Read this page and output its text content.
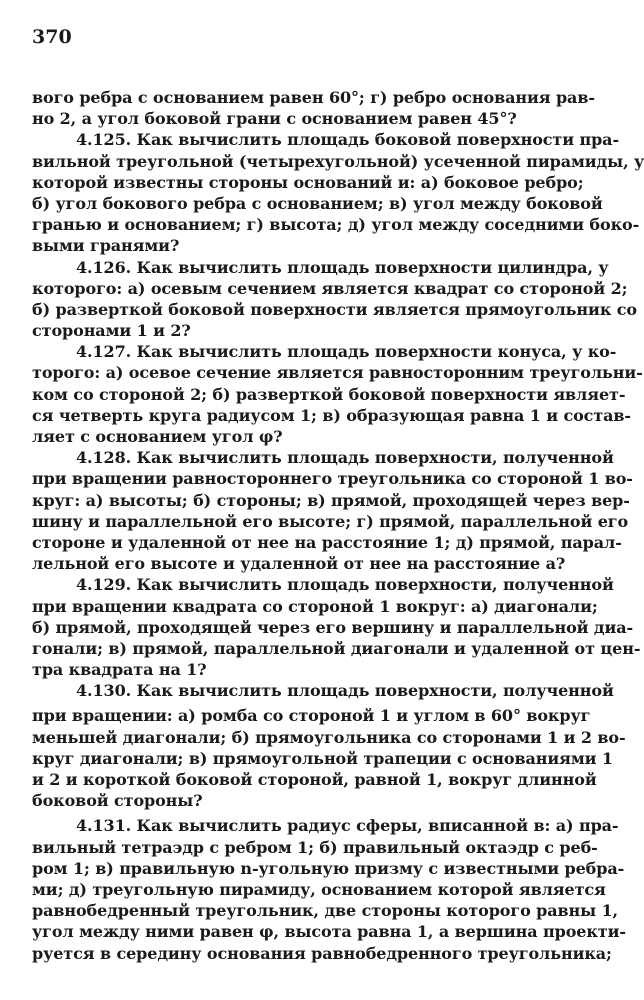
370
вого ребра с основанием равен 60°; г) ребро основания рав-
но 2, а угол боковой грани с основанием равен 45°?
4.125. Как вычислить площадь боковой поверхности пра-
вильной треугольной (четырехугольной) усеченной пирамиды, у
которой известны стороны оснований и: а) боковое ребро;
б) угол бокового ребра с основанием; в) угол между боковой
гранью и основанием; г) высота; д) угол между соседними боко-
выми гранями?
4.126. Как вычислить площадь поверхности цилиндра, у
которого: а) осевым сечением является квадрат со стороной 2;
б) разверткой боковой поверхности является прямоугольник со
сторонами 1 и 2?
4.127. Как вычислить площадь поверхности конуса, у ко-
торого: а) осевое сечение является равносторонним треугольни-
ком со стороной 2; б) разверткой боковой поверхности являет-
ся четверть круга радиусом 1; в) образующая равна 1 и состав-
ляет с основанием угол φ?
4.128. Как вычислить площадь поверхности, полученной
при вращении равностороннего треугольника со стороной 1 во-
круг: а) высоты; б) стороны; в) прямой, проходящей через вер-
шину и параллельной его высоте; г) прямой, параллельной его
стороне и удаленной от нее на расстояние 1; д) прямой, парал-
лельной его высоте и удаленной от нее на расстояние a?
4.129. Как вычислить площадь поверхности, полученной
при вращении квадрата со стороной 1 вокруг: а) диагонали;
б) прямой, проходящей через его вершину и параллельной диа-
гонали; в) прямой, параллельной диагонали и удаленной от цен-
тра квадрата на 1?
4.130. Как вычислить площадь поверхности, полученной
при вращении: а) ромба со стороной 1 и углом в 60° вокруг
меньшей диагонали; б) прямоугольника со сторонами 1 и 2 во-
круг диагонали; в) прямоугольной трапеции с основаниями 1
и 2 и короткой боковой стороной, равной 1, вокруг длинной
боковой стороны?
4.131. Как вычислить радиус сферы, вписанной в: а) пра-
вильный тетраэдр с ребром 1; б) правильный октаэдр с реб-
ром 1; в) правильную n-угольную призму с известными ребра-
ми; д) треугольную пирамиду, основанием которой является
равнобедренный треугольник, две стороны которого равны 1,
угол между ними равен φ, высота равна 1, а вершина проекти-
руется в середину основания равнобедренного треугольника;
